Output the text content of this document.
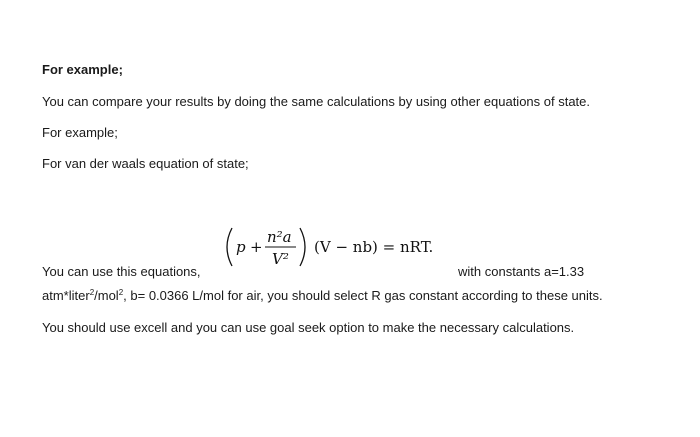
For example;
You can compare your results by doing the same calculations by using other equations of state.
For example;
For van der waals equation of state;
p +
n²a
V²
(V − nb) = nRT.
You can use this equations,	with constants a=1.33
atm*liter$^2$/mol$^2$, b= 0.0366 L/mol for air, you should select R gas constant according to these units.
You should use excell and you can use goal seek option to make the necessary calculations.
